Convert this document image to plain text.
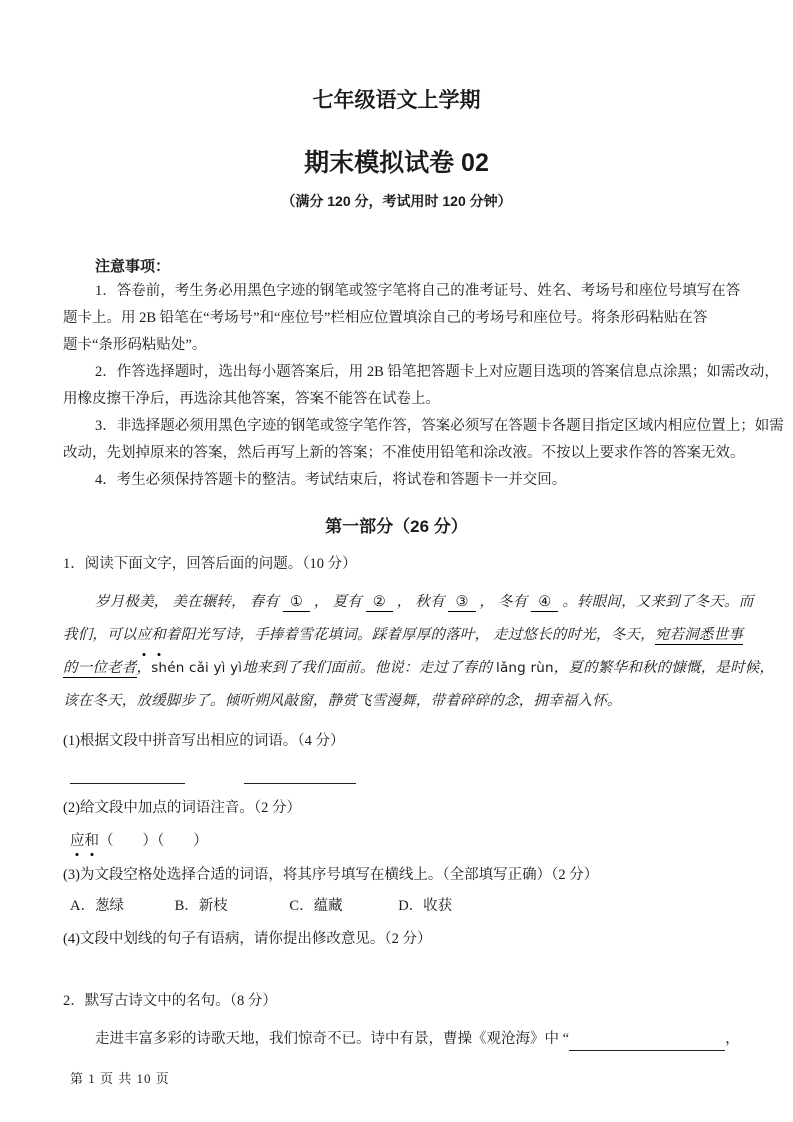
七年级语文上学期
期末模拟试卷 02
（满分 120 分，考试用时 120 分钟）
注意事项：
1．答卷前，考生务必用黑色字迹的钢笔或签字笔将自己的准考证号、姓名、考场号和座位号填写在答
题卡上。用 2B 铅笔在“考场号”和“座位号”栏相应位置填涂自己的考场号和座位号。将条形码粘贴在答
题卡“条形码粘贴处”。
2．作答选择题时，选出每小题答案后，用 2B 铅笔把答题卡上对应题目选项的答案信息点涂黑；如需改动，
用橡皮擦干净后，再选涂其他答案，答案不能答在试卷上。
3．非选择题必须用黑色字迹的钢笔或签字笔作答，答案必须写在答题卡各题目指定区域内相应位置上；如需
改动，先划掉原来的答案，然后再写上新的答案；不准使用铅笔和涂改液。不按以上要求作答的答案无效。
4．考生必须保持答题卡的整洁。考试结束后，将试卷和答题卡一并交回。
第一部分（26 分）
1．阅读下面文字，回答后面的问题。（10 分）
岁月极美， 美在辗转， 春有 ① ， 夏有 ② ， 秋有 ③ ， 冬有 ④ 。转眼间，又来到了冬天。而
我们，可以应和着阳光写诗，手捧着雪花填词。踩着厚厚的落叶， 走过悠长的时光，冬天，宛若洞悉世事
的一位老者，shén cǎi yì yì地来到了我们面前。他说：走过了春的 lǎng rùn，夏的繁华和秋的慷慨，是时候，
该在冬天，放缓脚步了。倾听朔风敲窗，静赏飞雪漫舞，带着碎碎的念，拥幸福入怀。
(1)根据文段中拼音写出相应的词语。（4 分）

(2)给文段中加点的词语注音。（2 分）
应和（　　）（　　）
(3)为文段空格处选择合适的词语，将其序号填写在横线上。（全部填写正确）（2 分）
A．葱绿	B．新枝	C．蕴藏	D．收获
(4)文段中划线的句子有语病，请你提出修改意见。（2 分）
2．默写古诗文中的名句。（8 分）
走进丰富多彩的诗歌天地，我们惊奇不已。诗中有景，曹操《观沧海》中 “	，
第 1 页 共 10 页
